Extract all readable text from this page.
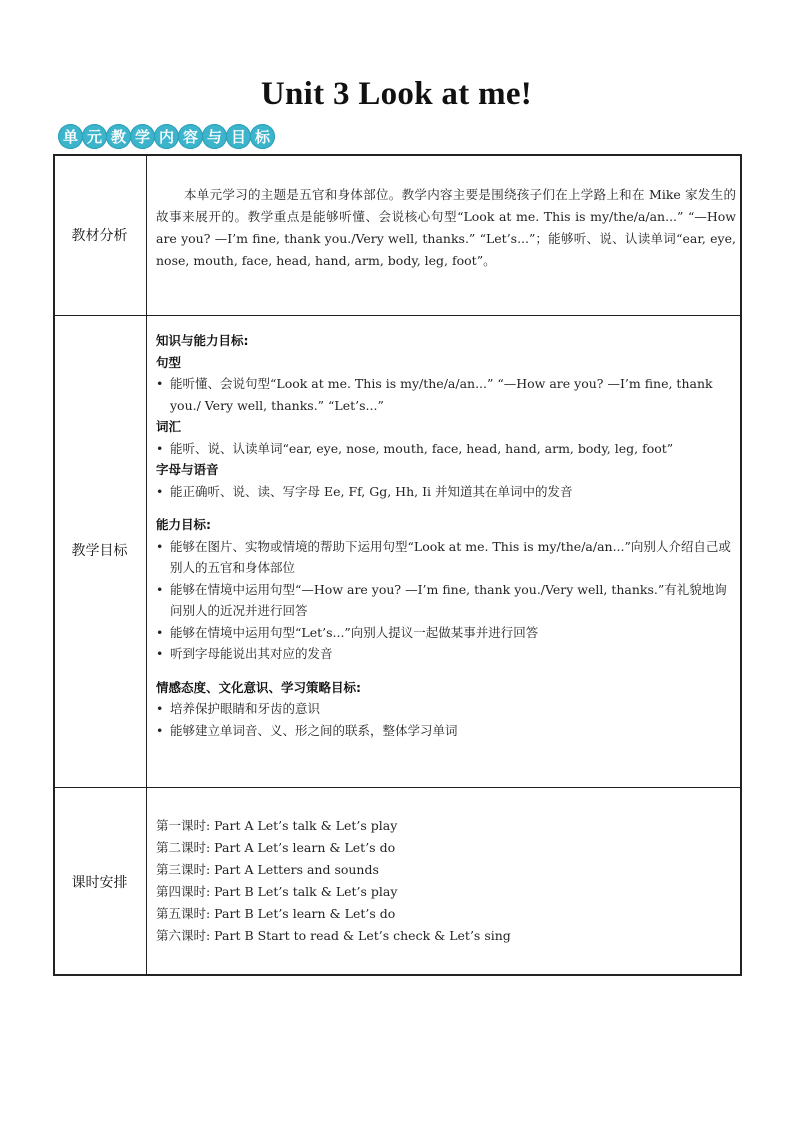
Unit 3 Look at me!
单 元 教 学 内 容 与 目 标
教材分析

本单元学习的主题是五官和身体部位。教学内容主要是围绕孩子们在上学路上和在 Mike 家发生的故事来展开的。教学重点是能够听懂、会说核心句型“Look at me. This is my/the/a/an...” “—How are you? —I’m fine, thank you./Very well, thanks.” “Let’s...”；能够听、说、认读单词“ear, eye, nose, mouth, face, head, hand, arm, body, leg, foot”。

教学目标

知识与能力目标:

句型

• 能听懂、会说句型“Look at me. This is my/the/a/an...” “—How are you? —I’m fine, thank you./ Very well, thanks.” “Let’s...”

词汇

• 能听、说、认读单词“ear, eye, nose, mouth, face, head, hand, arm, body, leg, foot”

字母与语音

• 能正确听、说、读、写字母 Ee, Ff, Gg, Hh, Ii 并知道其在单词中的发音

能力目标:

• 能够在图片、实物或情境的帮助下运用句型“Look at me. This is my/the/a/an...”向别人介绍自己或别人的五官和身体部位

• 能够在情境中运用句型“—How are you? —I’m fine, thank you./Very well, thanks.”有礼貌地询问别人的近况并进行回答

• 能够在情境中运用句型“Let’s...”向别人提议一起做某事并进行回答

• 听到字母能说出其对应的发音

情感态度、文化意识、学习策略目标:

• 培养保护眼睛和牙齿的意识

• 能够建立单词音、义、形之间的联系，整体学习单词

课时安排

第一课时: Part A Let’s talk & Let’s play

第二课时: Part A Let’s learn & Let’s do

第三课时: Part A Letters and sounds

第四课时: Part B Let’s talk & Let’s play

第五课时: Part B Let’s learn & Let’s do

第六课时: Part B Start to read & Let’s check & Let’s sing
